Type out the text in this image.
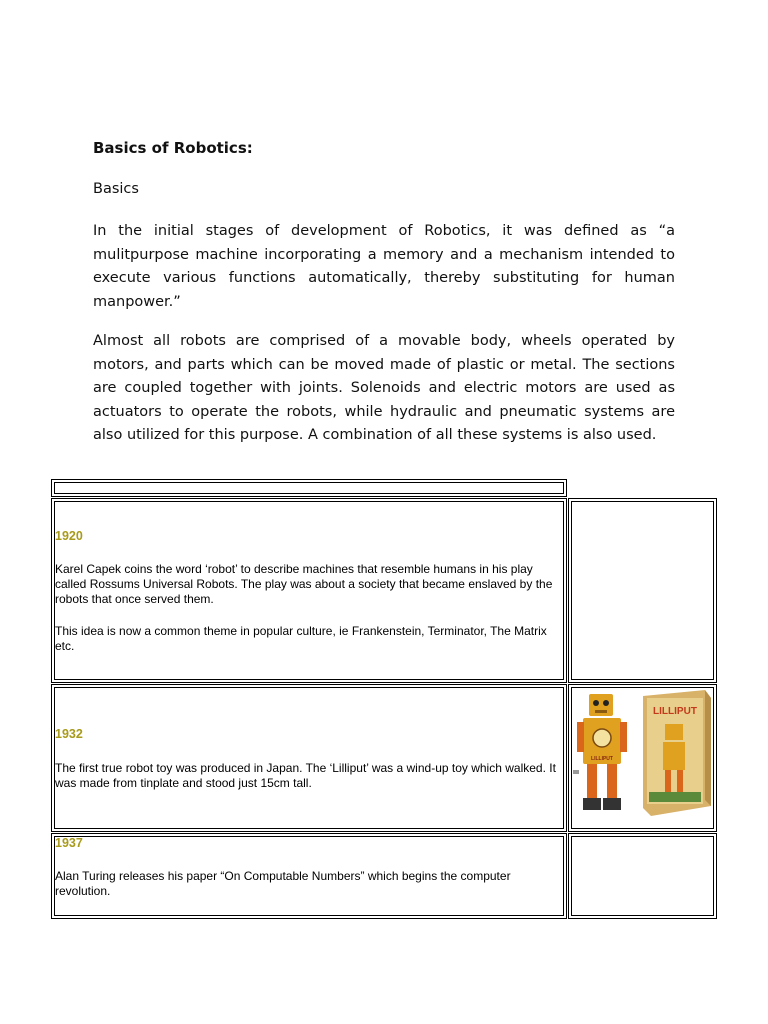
Basics of Robotics:
Basics

In the initial stages of development of Robotics, it was defined as “a mulitpurpose machine incorporating a memory and a mechanism intended to execute various functions automatically, thereby substituting for human manpower.”

Almost all robots are comprised of a movable body, wheels operated by motors, and parts which can be moved made of plastic or metal. The sections are coupled together with joints. Solenoids and electric motors are used as actuators to operate the robots, while hydraulic and pneumatic systems are also utilized for this purpose. A combination of all these systems is also used.

1920

Karel Capek coins the word ‘robot’ to describe machines that resemble humans in his play called Rossums Universal Robots. The play was about a society that became enslaved by the robots that once served them.

This idea is now a common theme in popular culture, ie Frankenstein, Terminator, The Matrix etc.

1932

The first true robot toy was produced in Japan. The ‘Lilliput’ was a wind-up toy which walked. It was made from tinplate and stood just 15cm tall.

1937

Alan Turing releases his paper “On Computable Numbers” which begins the computer revolution.

LILLIPUT
LILLIPUT
